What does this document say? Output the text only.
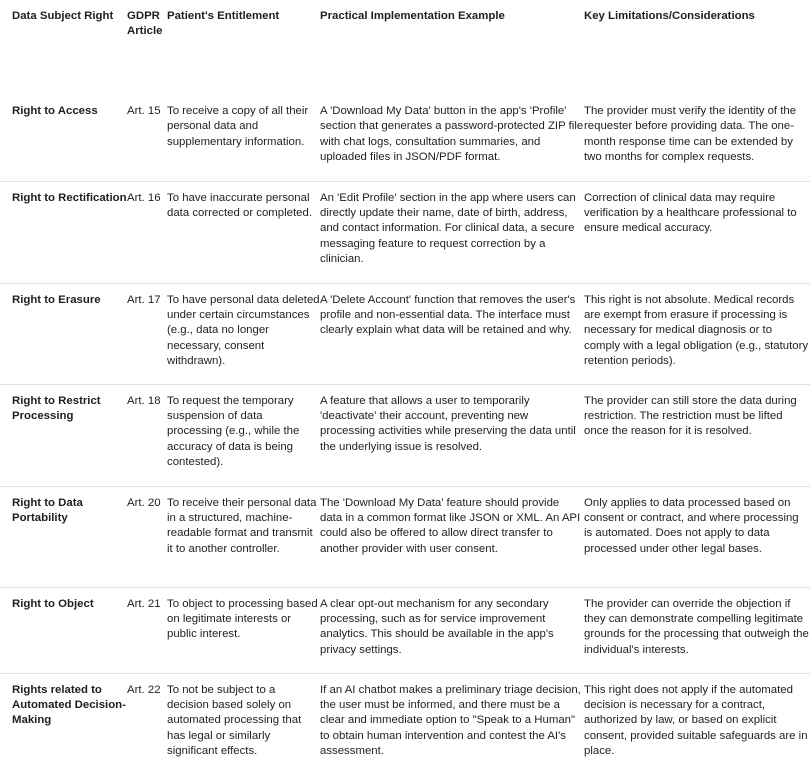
Data Subject Right	GDPR Article	Patient's Entitlement	Practical Implementation Example	Key Limitations/Considerations
Right to Access	Art. 15	To receive a copy of all their personal data and supplementary information.	A 'Download My Data' button in the app's 'Profile' section that generates a password-protected ZIP file with chat logs, consultation summaries, and uploaded files in JSON/PDF format.	The provider must verify the identity of the requester before providing data. The one-month response time can be extended by two months for complex requests.
Right to Rectification	Art. 16	To have inaccurate personal data corrected or completed.	An 'Edit Profile' section in the app where users can directly update their name, date of birth, address, and contact information. For clinical data, a secure messaging feature to request correction by a clinician.	Correction of clinical data may require verification by a healthcare professional to ensure medical accuracy.
Right to Erasure	Art. 17	To have personal data deleted under certain circumstances (e.g., data no longer necessary, consent withdrawn).	A 'Delete Account' function that removes the user's profile and non-essential data. The interface must clearly explain what data will be retained and why.	This right is not absolute. Medical records are exempt from erasure if processing is necessary for medical diagnosis or to comply with a legal obligation (e.g., statutory retention periods).
Right to Restrict Processing	Art. 18	To request the temporary suspension of data processing (e.g., while the accuracy of data is being contested).	A feature that allows a user to temporarily 'deactivate' their account, preventing new processing activities while preserving the data until the underlying issue is resolved.	The provider can still store the data during restriction. The restriction must be lifted once the reason for it is resolved.
Right to Data Portability	Art. 20	To receive their personal data in a structured, machine-readable format and transmit it to another controller.	The 'Download My Data' feature should provide data in a common format like JSON or XML. An API could also be offered to allow direct transfer to another provider with user consent.	Only applies to data processed based on consent or contract, and where processing is automated. Does not apply to data processed under other legal bases.
Right to Object	Art. 21	To object to processing based on legitimate interests or public interest.	A clear opt-out mechanism for any secondary processing, such as for service improvement analytics. This should be available in the app's privacy settings.	The provider can override the objection if they can demonstrate compelling legitimate grounds for the processing that outweigh the individual's interests.
Rights related to Automated Decision-Making	Art. 22	To not be subject to a decision based solely on automated processing that has legal or similarly significant effects.	If an AI chatbot makes a preliminary triage decision, the user must be informed, and there must be a clear and immediate option to "Speak to a Human" to obtain human intervention and contest the AI's assessment.	This right does not apply if the automated decision is necessary for a contract, authorized by law, or based on explicit consent, provided suitable safeguards are in place.
